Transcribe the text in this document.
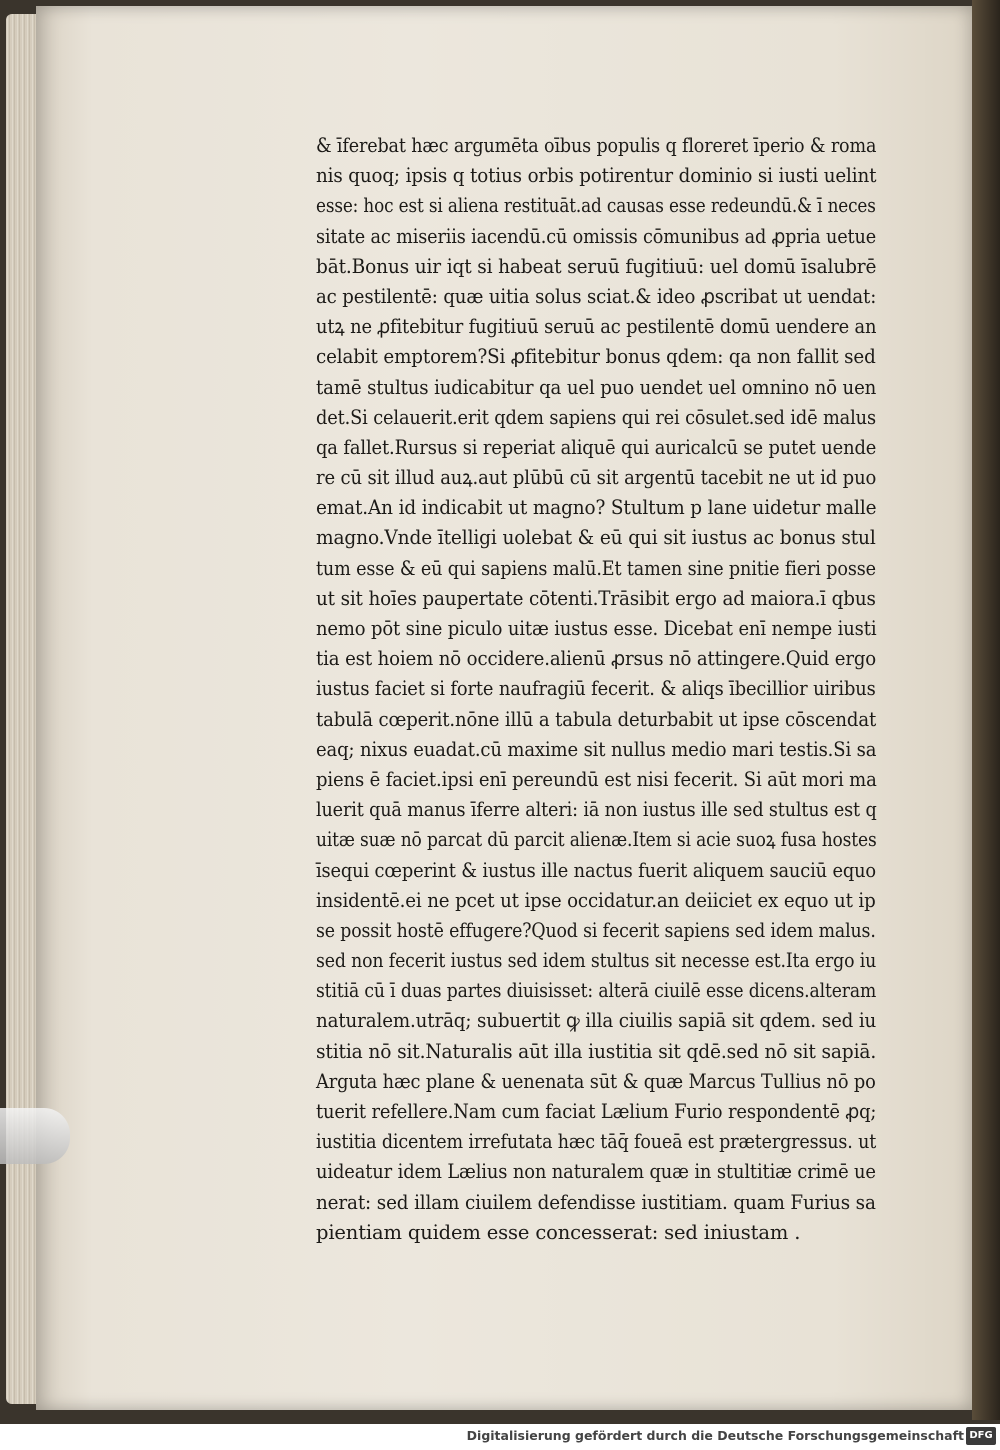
& īferebat hæc argumēta oībus populis q floreret īperio & roma
nis quoq; ipsis q totius orbis potirentur dominio si iusti uelint
esse: hoc est si aliena restituāt.ad causas esse redeundū.& ī neces
sitate ac miseriis iacendū.cū omissis cōmunibus ad ꝓpria uetue
bāt.Bonus uir iqt si habeat seruū fugitiuū: uel domū īsalubrē
ac pestilentē: quæ uitia solus sciat.& ideo ꝓscribat ut uendat:
utꝝ ne ꝓfitebitur fugitiuū seruū ac pestilentē domū uendere an
celabit emptorem?Si ꝓfitebitur bonus qdem: qa non fallit sed
tamē stultus iudicabitur qa uel puo uendet uel omnino nō uen
det.Si celauerit.erit qdem sapiens qui rei cōsulet.sed idē malus
qa fallet.Rursus si reperiat aliquē qui auricalcū se putet uende
re cū sit illud auꝝ.aut plūbū cū sit argentū tacebit ne ut id puo
emat.An id indicabit ut magno? Stultum p lane uidetur malle
magno.Vnde ītelligi uolebat & eū qui sit iustus ac bonus stul
tum esse & eū qui sapiens malū.Et tamen sine pnitie fieri posse
ut sit hoīes paupertate cōtenti.Trāsibit ergo ad maiora.ī qbus
nemo pōt sine piculo uitæ iustus esse. Dicebat enī nempe iusti
tia est hoiem nō occidere.alienū ꝓrsus nō attingere.Quid ergo
iustus faciet si forte naufragiū fecerit. & aliqs ībecillior uiribus
tabulā cœperit.nōne illū a tabula deturbabit ut ipse cōscendat
eaq; nixus euadat.cū maxime sit nullus medio mari testis.Si sa
piens ē faciet.ipsi enī pereundū est nisi fecerit. Si aūt mori ma
luerit quā manus īferre alteri: iā non iustus ille sed stultus est q
uitæ suæ nō parcat dū parcit alienæ.Item si acie suoꝝ fusa hostes
īsequi cœperint & iustus ille nactus fuerit aliquem sauciū equo
insidentē.ei ne pcet ut ipse occidatur.an deiiciet ex equo ut ip
se possit hostē effugere?Quod si fecerit sapiens sed idem malus.
sed non fecerit iustus sed idem stultus sit necesse est.Ita ergo iu
stitiā cū ī duas partes diuisisset: alterā ciuilē esse dicens.alteram
naturalem.utrāq; subuertit ꝙ illa ciuilis sapiā sit qdem. sed iu
stitia nō sit.Naturalis aūt illa iustitia sit qdē.sed nō sit sapiā.
Arguta hæc plane & uenenata sūt & quæ Marcus Tullius nō po
tuerit refellere.Nam cum faciat Lælium Furio respondentē ꝓq;
iustitia dicentem irrefutata hæc tāq̄ foueā est prætergressus. ut
uideatur idem Lælius non naturalem quæ in stultitiæ crimē ue
nerat: sed illam ciuilem defendisse iustitiam. quam Furius sa
pientiam quidem esse concesserat: sed iniustam .
Digitalisierung gefördert durch die Deutsche Forschungsgemeinschaft DFG
